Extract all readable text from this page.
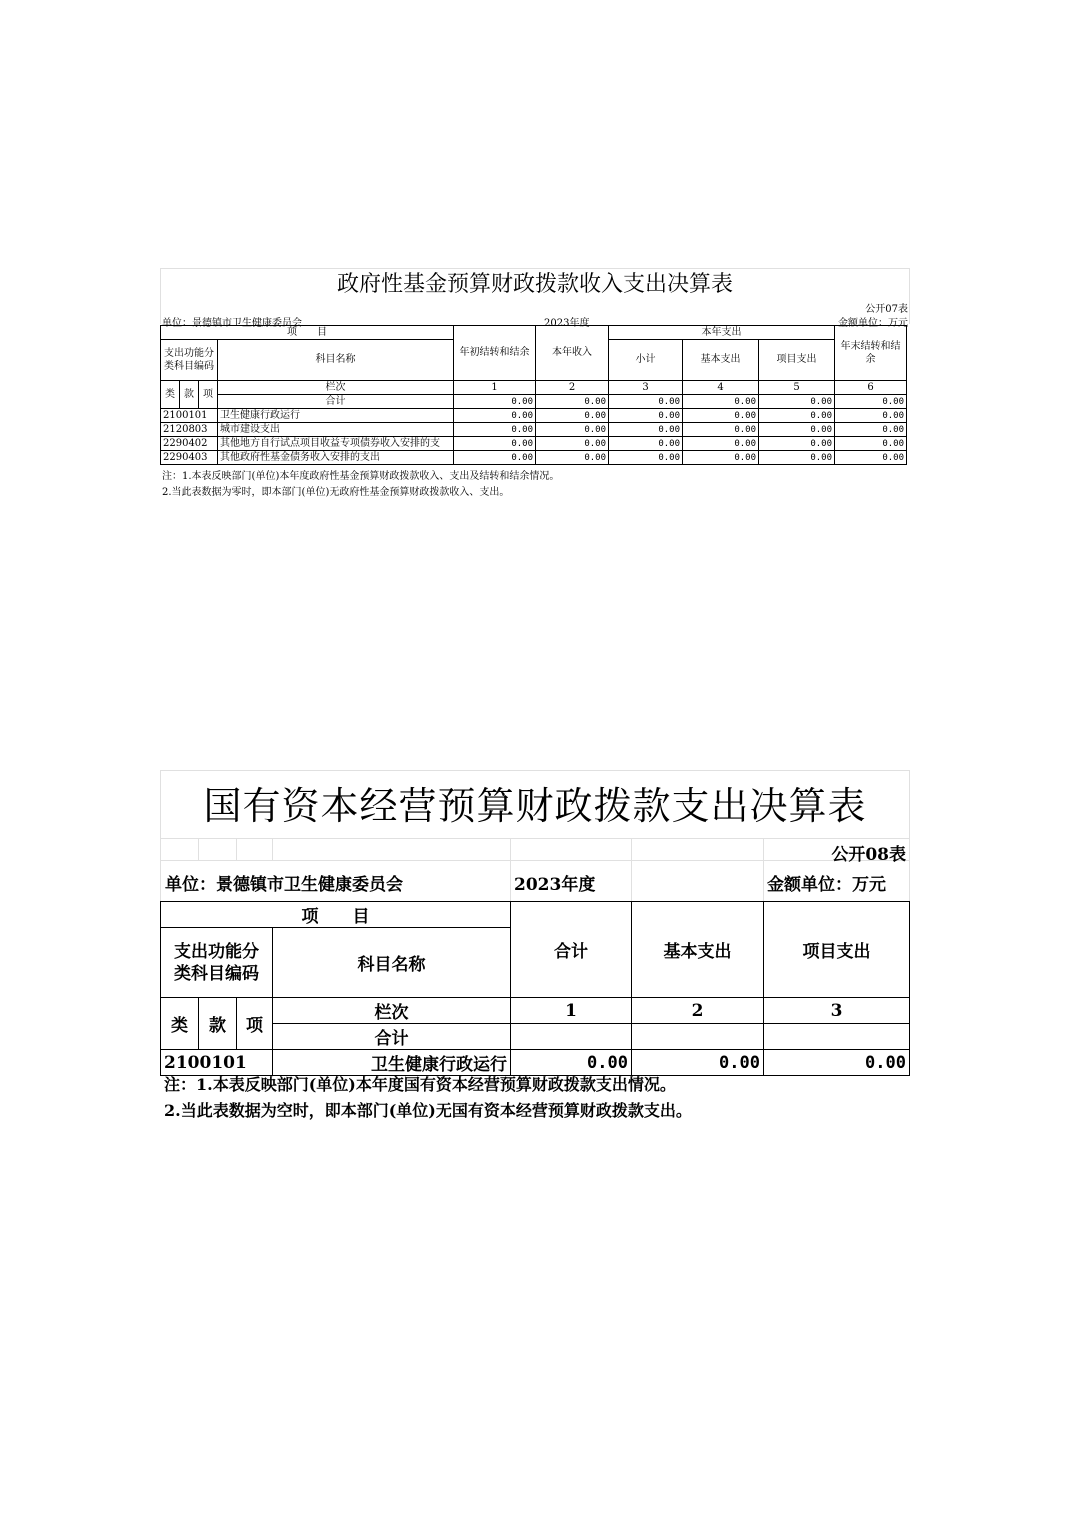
政府性基金预算财政拨款收入支出决算表
公开07表
单位：景德镇市卫生健康委员会	2023年度	金额单位：万元
项　　目				年初结转和结余	本年收入	本年支出			年末结转和结余
支出功能分类科目编码			科目名称			小计	基本支出	项目支出	

类	款	项	栏次	1	2	3	4	5	6
			合计	0.00	0.00	0.00	0.00	0.00	0.00
2100101			卫生健康行政运行	0.00	0.00	0.00	0.00	0.00	0.00
2120803			城市建设支出	0.00	0.00	0.00	0.00	0.00	0.00
2290402			其他地方自行试点项目收益专项债券收入安排的支	0.00	0.00	0.00	0.00	0.00	0.00
2290403			其他政府性基金债务收入安排的支出	0.00	0.00	0.00	0.00	0.00	0.00
注：1.本表反映部门(单位)本年度政府性基金预算财政拨款收入、支出及结转和结余情况。
2.当此表数据为零时，即本部门(单位)无政府性基金预算财政拨款收入、支出。
国有资本经营预算财政拨款支出决算表
公开08表
单位：景德镇市卫生健康委员会	2023年度	金额单位：万元
项　　目				合计	基本支出	项目支出

支出功能分
类科目编码			科目名称			
类	款	项	栏次	1	2	3
			合计			
2100101			卫生健康行政运行	0.00	0.00	0.00
注：1.本表反映部门(单位)本年度国有资本经营预算财政拨款支出情况。
2.当此表数据为空时，即本部门(单位)无国有资本经营预算财政拨款支出。
